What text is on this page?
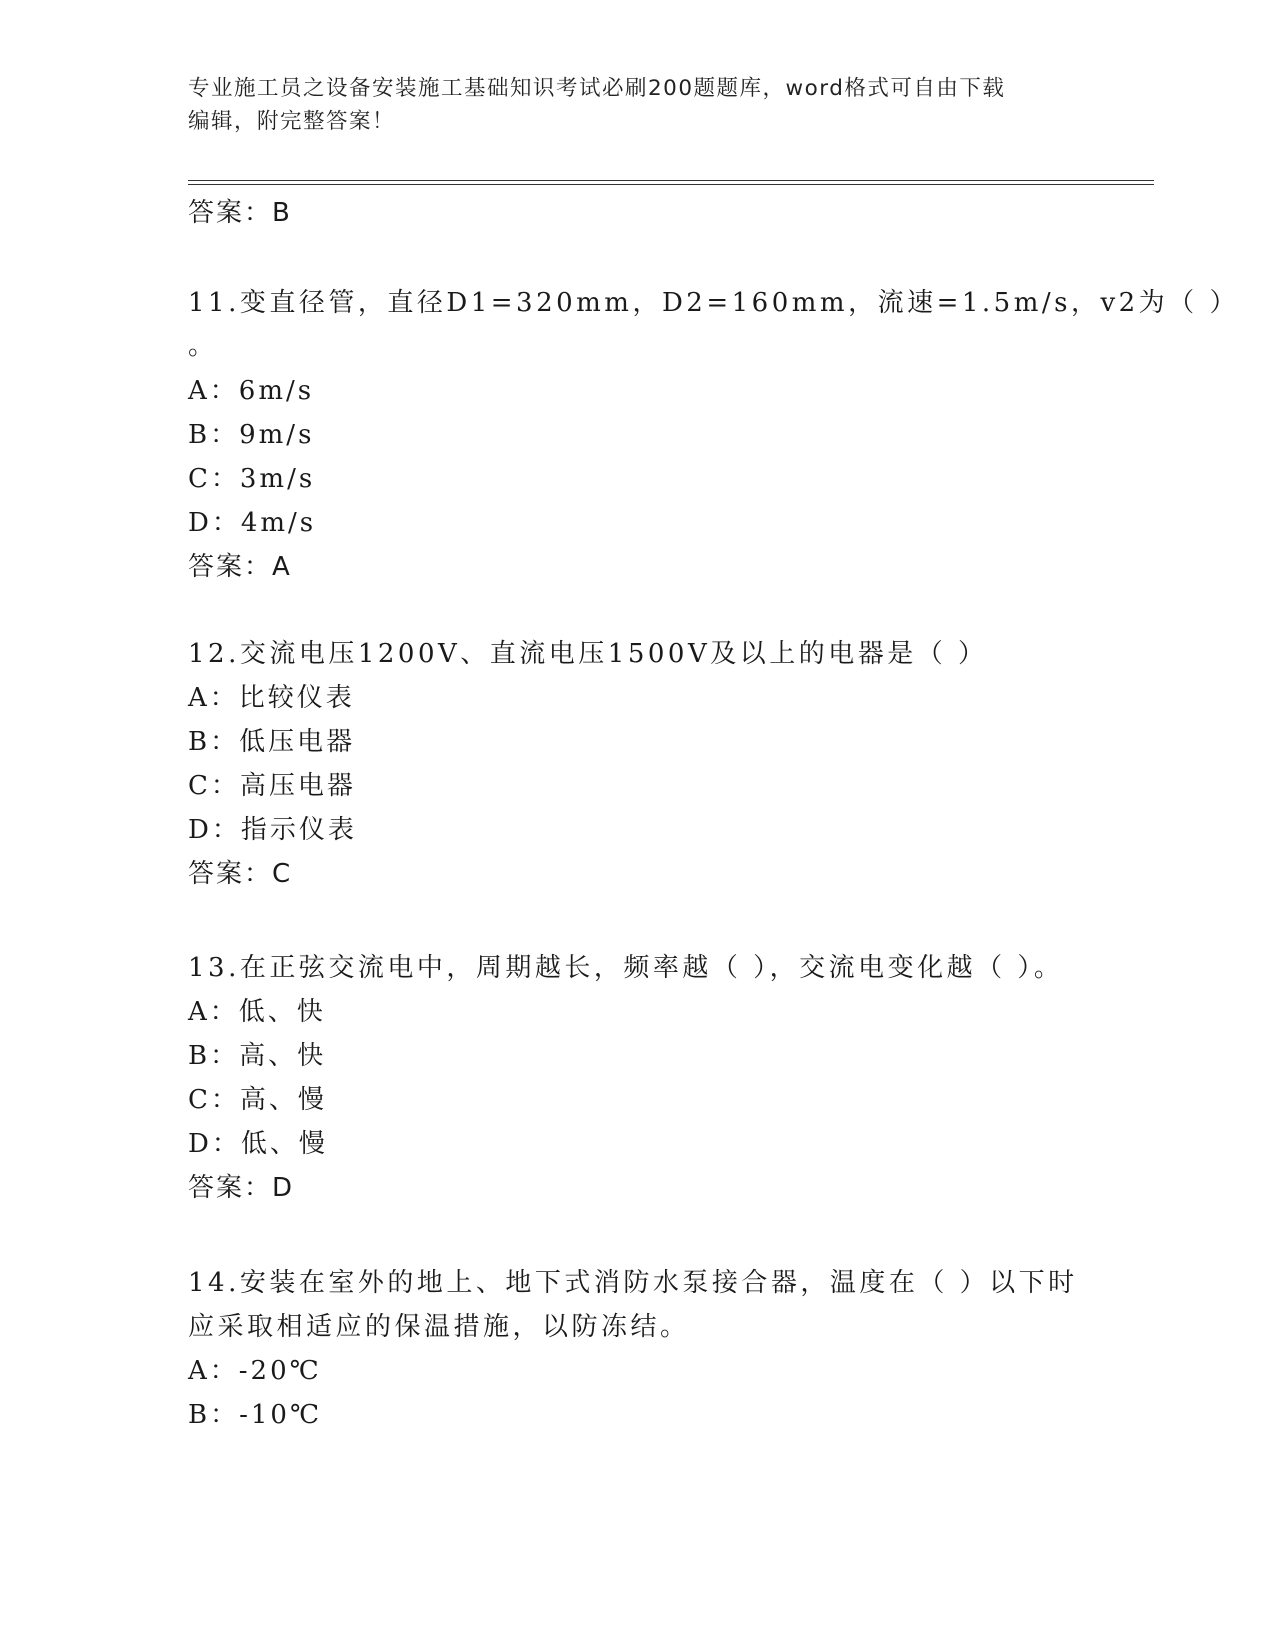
专业施工员之设备安装施工基础知识考试必刷200题题库，word格式可自由下载
编辑，附完整答案！
答案：B
11.变直径管，直径D1=320mm，D2=160mm，流速=1.5m/s，v2为（ ）
。
A：6m/s
B：9m/s
C：3m/s
D：4m/s
答案：A
12.交流电压1200V、直流电压1500V及以上的电器是（ ）
A：比较仪表
B：低压电器
C：高压电器
D：指示仪表
答案：C
13.在正弦交流电中，周期越长，频率越（ ），交流电变化越（ ）。
A：低、快
B：高、快
C：高、慢
D：低、慢
答案：D
14.安装在室外的地上、地下式消防水泵接合器，温度在（ ）以下时
应采取相适应的保温措施，以防冻结。
A：-20℃
B：-10℃
